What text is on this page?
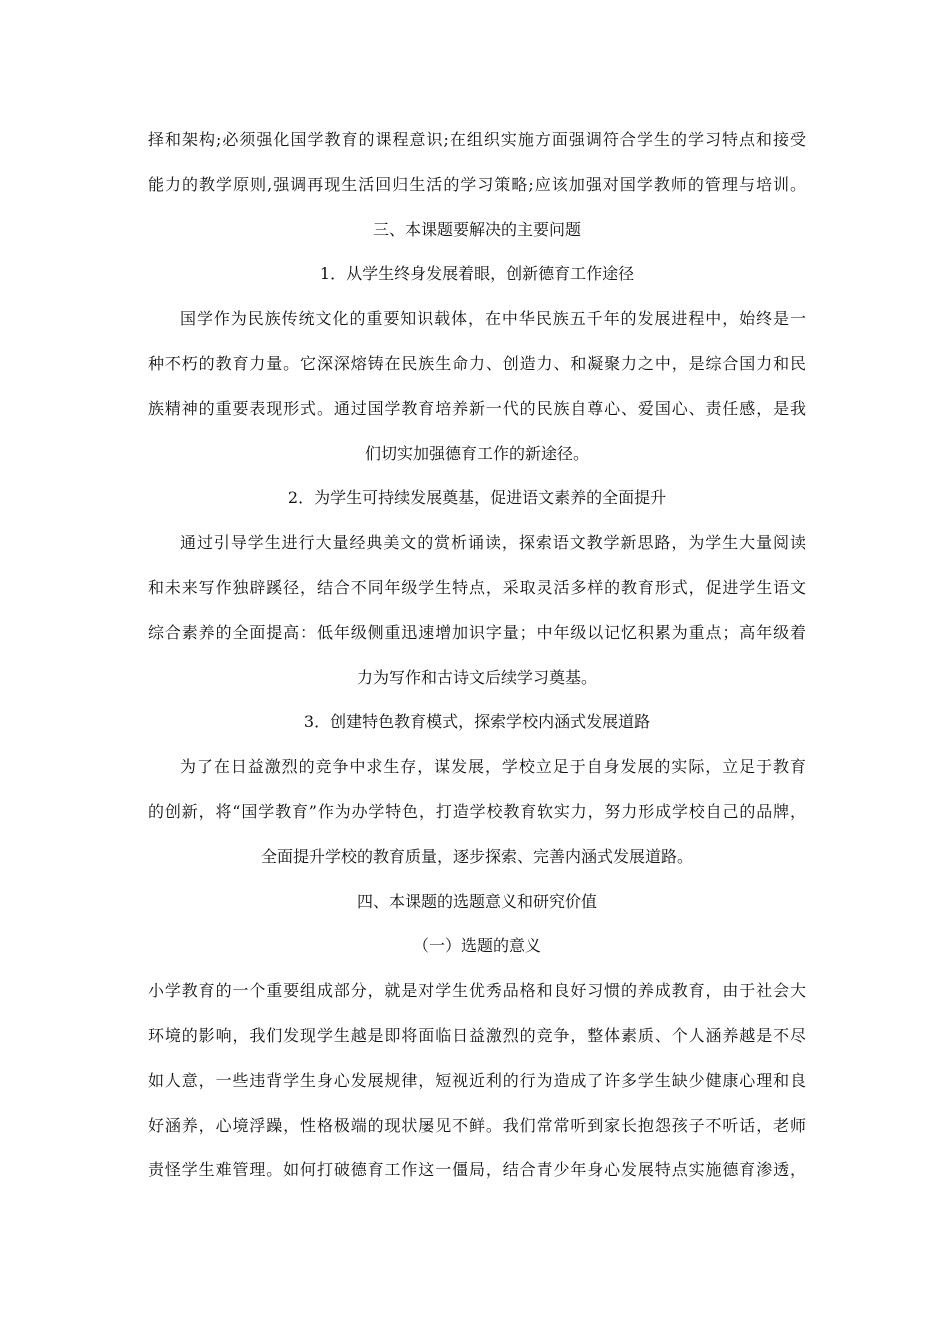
择和架构;必须强化国学教育的课程意识;在组织实施方面强调符合学生的学习特点和接受
能力的教学原则,强调再现生活回归生活的学习策略;应该加强对国学教师的管理与培训。
三、本课题要解决的主要问题
1．从学生终身发展着眼，创新德育工作途径
国学作为民族传统文化的重要知识载体，在中华民族五千年的发展进程中，始终是一
种不朽的教育力量。它深深熔铸在民族生命力、创造力、和凝聚力之中，是综合国力和民
族精神的重要表现形式。通过国学教育培养新一代的民族自尊心、爱国心、责任感，是我
们切实加强德育工作的新途径。
2．为学生可持续发展奠基，促进语文素养的全面提升
通过引导学生进行大量经典美文的赏析诵读，探索语文教学新思路，为学生大量阅读
和未来写作独辟蹊径，结合不同年级学生特点，采取灵活多样的教育形式，促进学生语文
综合素养的全面提高：低年级侧重迅速增加识字量；中年级以记忆积累为重点；高年级着
力为写作和古诗文后续学习奠基。
3．创建特色教育模式，探索学校内涵式发展道路
为了在日益激烈的竞争中求生存，谋发展，学校立足于自身发展的实际，立足于教育
的创新，将“国学教育”作为办学特色，打造学校教育软实力，努力形成学校自己的品牌，
全面提升学校的教育质量，逐步探索、完善内涵式发展道路。
四、本课题的选题意义和研究价值
（一）选题的意义
小学教育的一个重要组成部分，就是对学生优秀品格和良好习惯的养成教育，由于社会大
环境的影响，我们发现学生越是即将面临日益激烈的竞争，整体素质、个人涵养越是不尽
如人意，一些违背学生身心发展规律，短视近利的行为造成了许多学生缺少健康心理和良
好涵养，心境浮躁，性格极端的现状屡见不鲜。我们常常听到家长抱怨孩子不听话，老师
责怪学生难管理。如何打破德育工作这一僵局，结合青少年身心发展特点实施德育渗透，
